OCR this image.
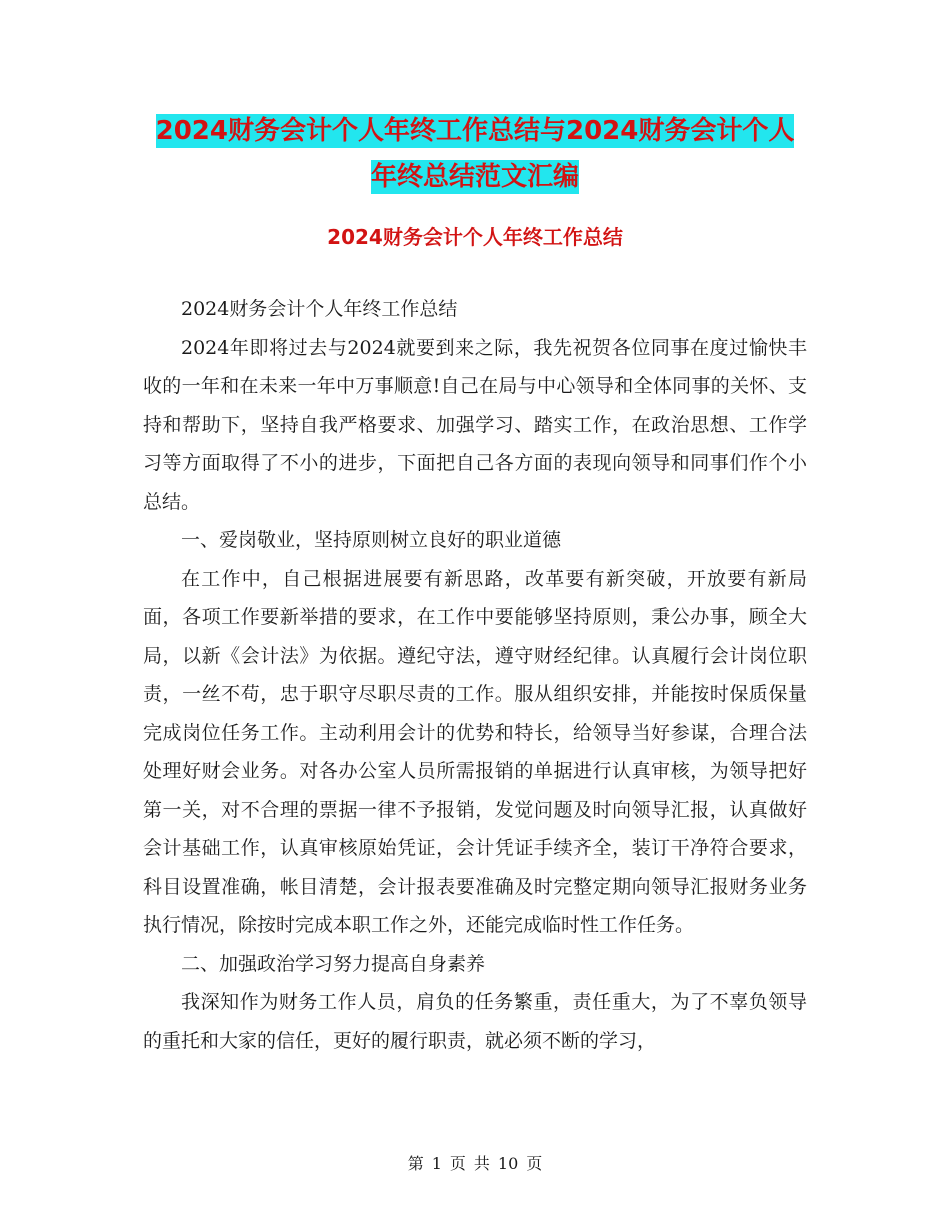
2024财务会计个人年终工作总结与2024财务会计个人
年终总结范文汇编
2024财务会计个人年终工作总结

2024财务会计个人年终工作总结

2024年即将过去与2024就要到来之际，我先祝贺各位同事在度过愉快丰收的一年和在未来一年中万事顺意!自己在局与中心领导和全体同事的关怀、支持和帮助下，坚持自我严格要求、加强学习、踏实工作，在政治思想、工作学习等方面取得了不小的进步，下面把自己各方面的表现向领导和同事们作个小总结。

一、爱岗敬业，坚持原则树立良好的职业道德

在工作中，自己根据进展要有新思路，改革要有新突破，开放要有新局面，各项工作要新举措的要求，在工作中要能够坚持原则，秉公办事，顾全大局，以新《会计法》为依据。遵纪守法，遵守财经纪律。认真履行会计岗位职责，一丝不苟，忠于职守尽职尽责的工作。服从组织安排，并能按时保质保量完成岗位任务工作。主动利用会计的优势和特长，给领导当好参谋，合理合法处理好财会业务。对各办公室人员所需报销的单据进行认真审核，为领导把好第一关，对不合理的票据一律不予报销，发觉问题及时向领导汇报，认真做好会计基础工作，认真审核原始凭证，会计凭证手续齐全，装订干净符合要求，科目设置准确，帐目清楚，会计报表要准确及时完整定期向领导汇报财务业务执行情况，除按时完成本职工作之外，还能完成临时性工作任务。

二、加强政治学习努力提高自身素养

我深知作为财务工作人员，肩负的任务繁重，责任重大，为了不辜负领导的重托和大家的信任，更好的履行职责，就必须不断的学习，

第 1 页 共 10 页
